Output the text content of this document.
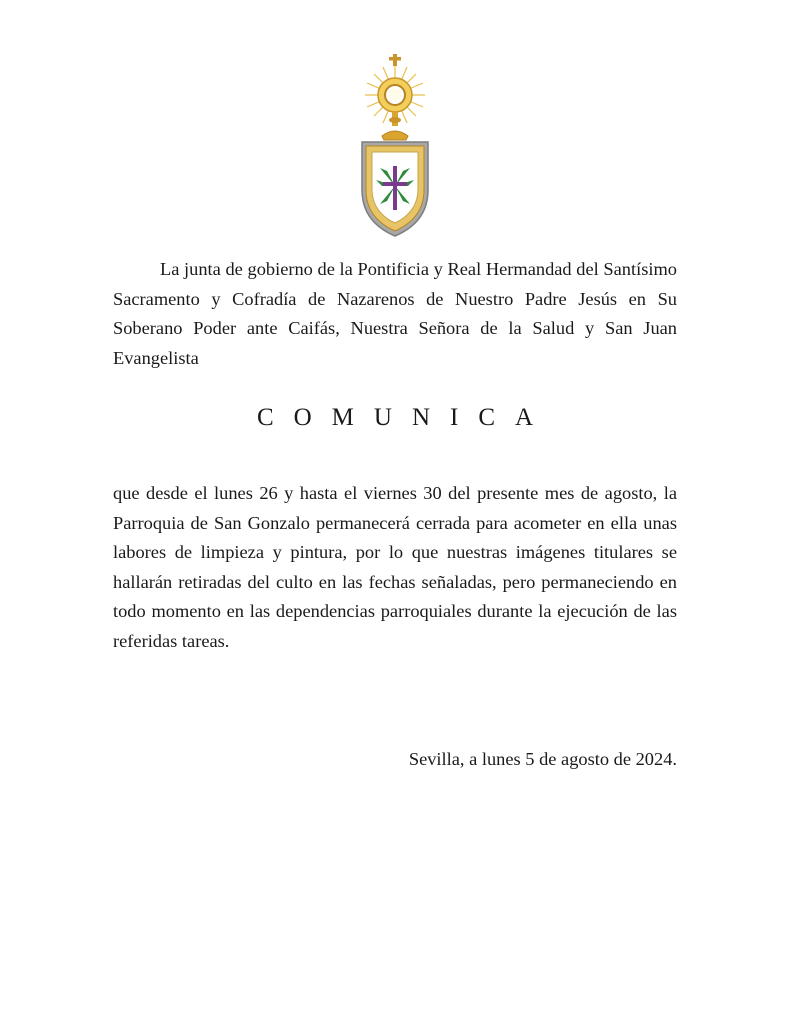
La junta de gobierno de la Pontificia y Real Hermandad del Santísimo Sacramento y Cofradía de Nazarenos de Nuestro Padre Jesús en Su Soberano Poder ante Caifás, Nuestra Señora de la Salud y San Juan Evangelista

COMUNICA

que desde el lunes 26 y hasta el viernes 30 del presente mes de agosto, la Parroquia de San Gonzalo permanecerá cerrada para acometer en ella unas labores de limpieza y pintura, por lo que nuestras imágenes titulares se hallarán retiradas del culto en las fechas señaladas, pero permaneciendo en todo momento en las dependencias parroquiales durante la ejecución de las referidas tareas.

Sevilla, a lunes 5 de agosto de 2024.
